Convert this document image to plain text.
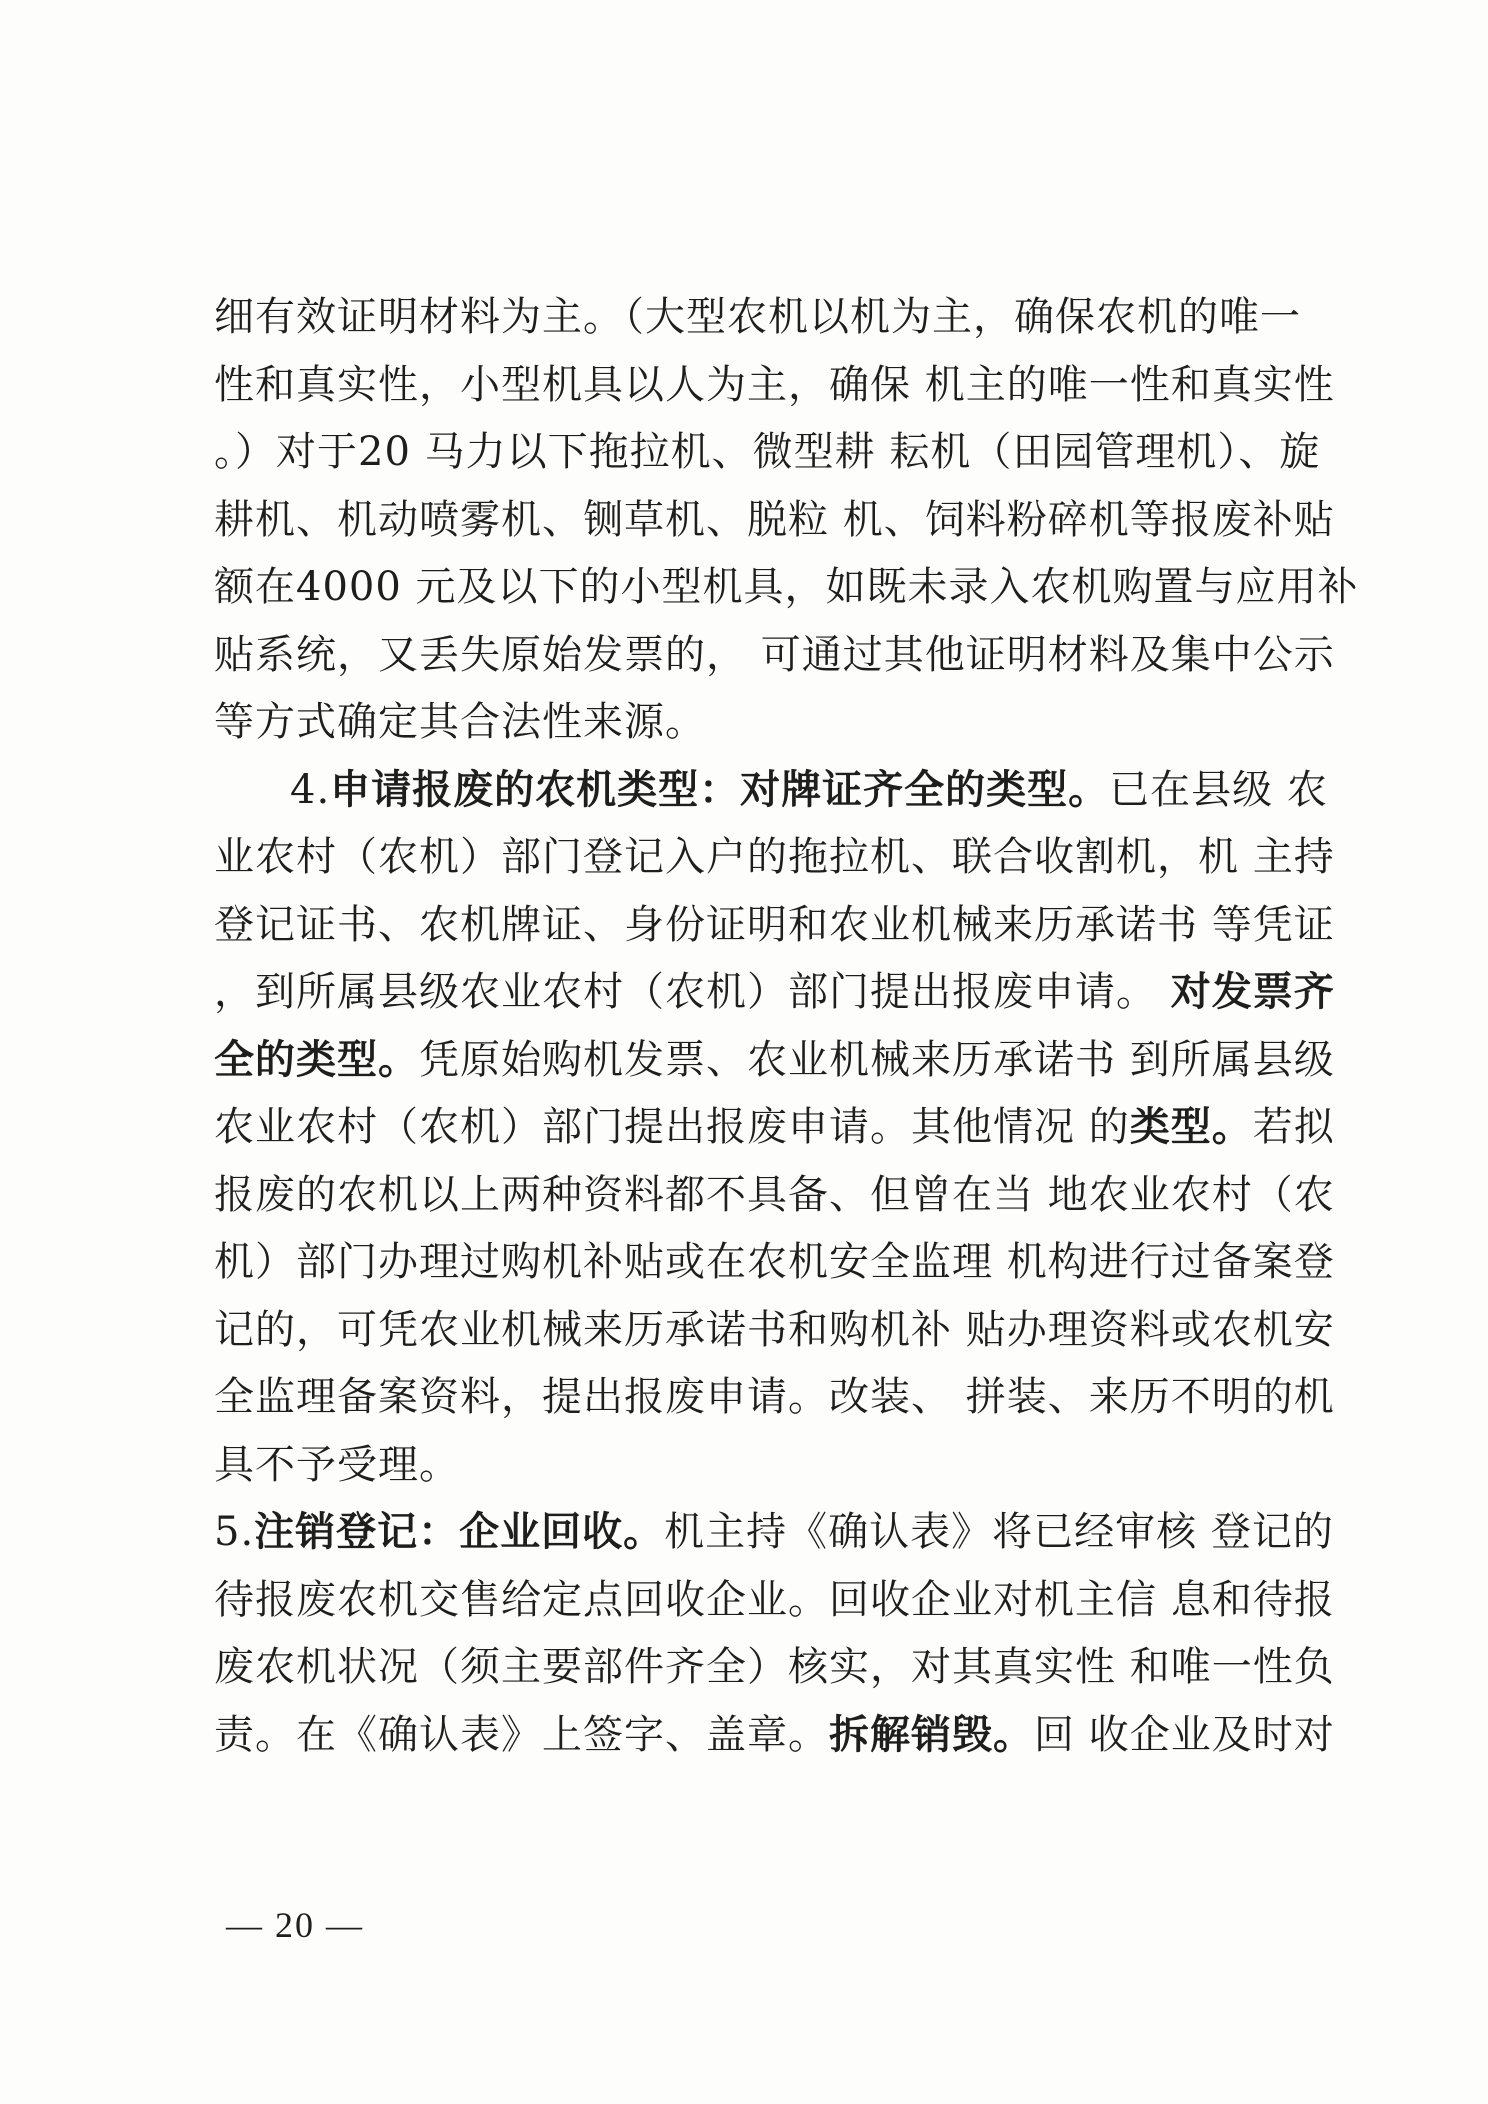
细有效证明材料为主。（大型农机以机为主，确保农机的唯一
性和真实性，小型机具以人为主，确保 机主的唯一性和真实性
。）对于20 马力以下拖拉机、微型耕 耘机（田园管理机）、旋
耕机、机动喷雾机、铡草机、脱粒 机、饲料粉碎机等报废补贴
额在4000 元及以下的小型机具，如既未录入农机购置与应用补
贴系统，又丢失原始发票的， 可通过其他证明材料及集中公示
等方式确定其合法性来源。
4.申请报废的农机类型：对牌证齐全的类型。已在县级 农
业农村（农机）部门登记入户的拖拉机、联合收割机，机 主持
登记证书、农机牌证、身份证明和农业机械来历承诺书 等凭证
，到所属县级农业农村（农机）部门提出报废申请。 对发票齐
全的类型。凭原始购机发票、农业机械来历承诺书 到所属县级
农业农村（农机）部门提出报废申请。其他情况 的类型。若拟
报废的农机以上两种资料都不具备、但曾在当 地农业农村（农
机）部门办理过购机补贴或在农机安全监理 机构进行过备案登
记的，可凭农业机械来历承诺书和购机补 贴办理资料或农机安
全监理备案资料，提出报废申请。改装、 拼装、来历不明的机
具不予受理。
5.注销登记：企业回收。机主持《确认表》将已经审核 登记的
待报废农机交售给定点回收企业。回收企业对机主信 息和待报
废农机状况（须主要部件齐全）核实，对其真实性 和唯一性负
责。在《确认表》上签字、盖章。拆解销毁。回 收企业及时对
— 20 —
